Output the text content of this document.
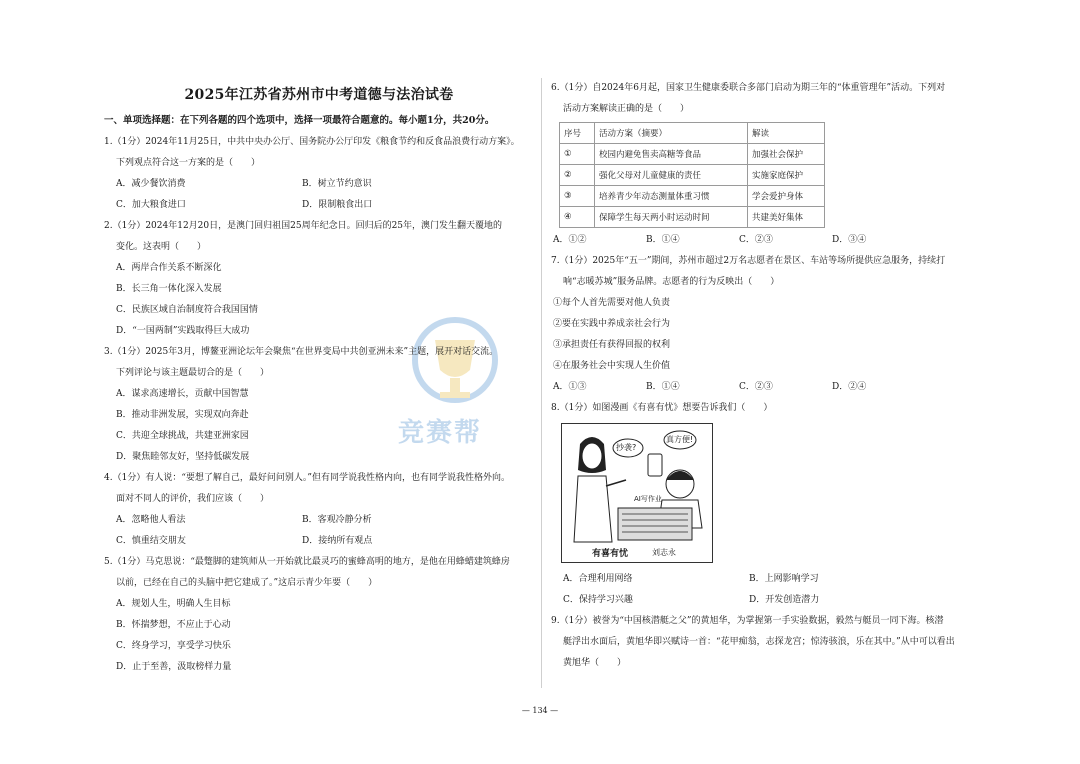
竞赛帮
2025年江苏省苏州市中考道德与法治试卷
一、单项选择题：在下列各题的四个选项中，选择一项最符合题意的。每小题1分，共20分。
1.（1分）2024年11月25日，中共中央办公厅、国务院办公厅印发《粮食节约和反食品浪费行动方案》。
下列观点符合这一方案的是（　　）
A．减少餐饮消费	B．树立节约意识
C．加大粮食进口	D．限制粮食出口
2.（1分）2024年12月20日，是澳门回归祖国25周年纪念日。回归后的25年，澳门发生翻天覆地的
变化。这表明（　　）
A．两岸合作关系不断深化
B．长三角一体化深入发展
C．民族区域自治制度符合我国国情
D．“一国两制”实践取得巨大成功
3.（1分）2025年3月，博鳌亚洲论坛年会聚焦“在世界变局中共创亚洲未来”主题，展开对话交流。
下列评论与该主题最切合的是（　　）
A．谋求高速增长，贡献中国智慧
B．推动非洲发展，实现双向奔赴
C．共迎全球挑战，共建亚洲家园
D．聚焦睦邻友好，坚持低碳发展
4.（1分）有人说：“要想了解自己，最好问问别人。”但有同学说我性格内向，也有同学说我性格外向。
面对不同人的评价，我们应该（　　）
A．忽略他人看法	B．客观冷静分析
C．慎重结交朋友	D．接纳所有观点
5.（1分）马克思说：“最蹩脚的建筑师从一开始就比最灵巧的蜜蜂高明的地方，是他在用蜂蜡建筑蜂房
以前，已经在自己的头脑中把它建成了。”这启示青少年要（　　）
A．规划人生，明确人生目标
B．怀揣梦想，不应止于心动
C．终身学习，享受学习快乐
D．止于至善，汲取榜样力量
6.（1分）自2024年6月起，国家卫生健康委联合多部门启动为期三年的“体重管理年”活动。下列对
活动方案解读正确的是（　　）
序号	活动方案（摘要）	解读
①	校园内避免售卖高糖等食品	加强社会保护
②	强化父母对儿童健康的责任	实施家庭保护
③	培养青少年动态测量体重习惯	学会爱护身体
④	保障学生每天两小时运动时间	共建美好集体
A．①②	B．①④	C．②③	D．③④
7.（1分）2025年“五一”期间，苏州市超过2万名志愿者在景区、车站等场所提供应急服务，持续打
响“志暖苏城”服务品牌。志愿者的行为反映出（　　）
①每个人首先需要对他人负责
②要在实践中养成亲社会行为
③承担责任有获得回报的权利
④在服务社会中实现人生价值
A．①③	B．①④	C．②③	D．②④
8.（1分）如图漫画《有喜有忧》想要告诉我们（　　）
抄袭?
真方便!
AI写作业
有喜有忧	刘志永
A．合理利用网络	B．上网影响学习
C．保持学习兴趣	D．开发创造潜力
9.（1分）被誉为“中国核潜艇之父”的黄旭华，为掌握第一手实验数据，毅然与艇员一同下海。核潜
艇浮出水面后，黄旭华即兴赋诗一首：“花甲痴翁，志探龙宫；惊涛骇浪，乐在其中。”从中可以看出
黄旭华（　　）
— 134 —
